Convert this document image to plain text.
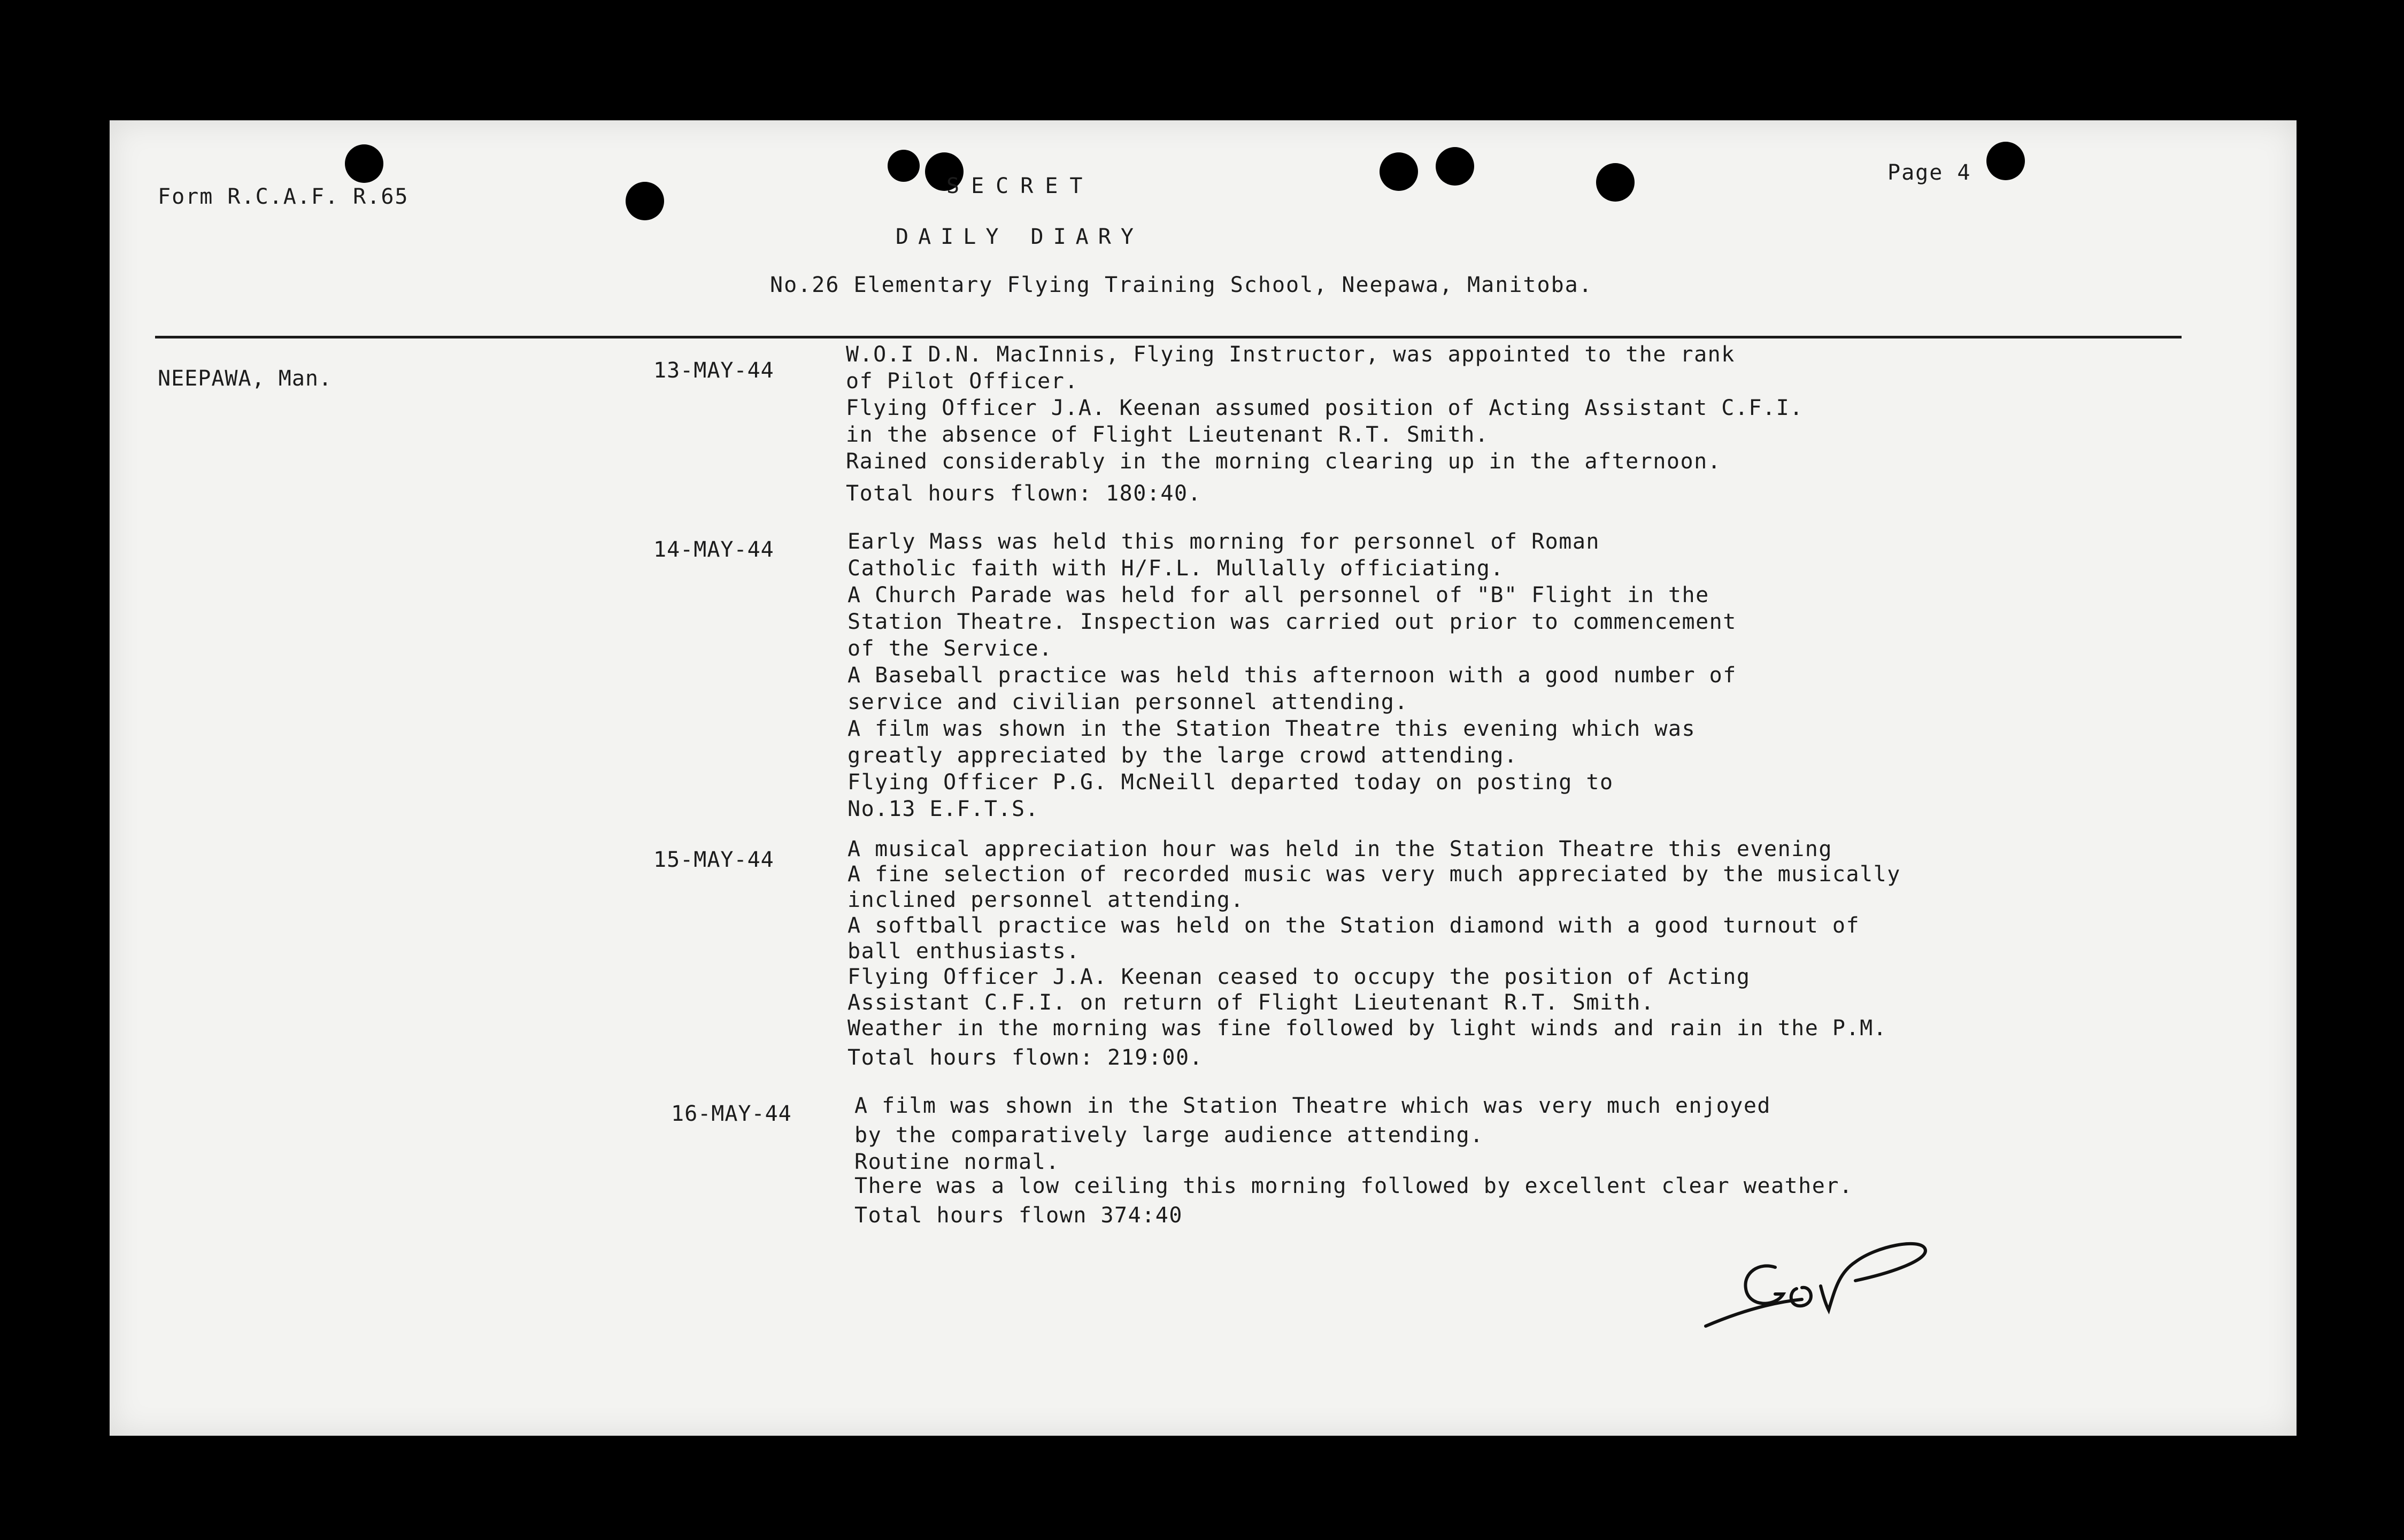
Form R.C.A.F. R.65	SECRET
Page 4
DAILY DIARY
No.26 Elementary Flying Training School, Neepawa, Manitoba.
NEEPAWA, Man.	13-MAY-44
W.O.I D.N. MacInnis, Flying Instructor, was appointed to the rank
of Pilot Officer.
Flying Officer J.A. Keenan assumed position of Acting Assistant C.F.I.
in the absence of Flight Lieutenant R.T. Smith.
Rained considerably in the morning clearing up in the afternoon.
Total hours flown: 180:40.
14-MAY-44	Early Mass was held this morning for personnel of Roman
Catholic faith with H/F.L. Mullally officiating.
A Church Parade was held for all personnel of "B" Flight in the
Station Theatre. Inspection was carried out prior to commencement
of the Service.
A Baseball practice was held this afternoon with a good number of
service and civilian personnel attending.
A film was shown in the Station Theatre this evening which was
greatly appreciated by the large crowd attending.
Flying Officer P.G. McNeill departed today on posting to
No.13 E.F.T.S.
15-MAY-44	A musical appreciation hour was held in the Station Theatre this evening
A fine selection of recorded music was very much appreciated by the musically
inclined personnel attending.
A softball practice was held on the Station diamond with a good turnout of
ball enthusiasts.
Flying Officer J.A. Keenan ceased to occupy the position of Acting
Assistant C.F.I. on return of Flight Lieutenant R.T. Smith.
Weather in the morning was fine followed by light winds and rain in the P.M.
Total hours flown: 219:00.
16-MAY-44	A film was shown in the Station Theatre which was very much enjoyed
by the comparatively large audience attending.
Routine normal.
There was a low ceiling this morning followed by excellent clear weather.
Total hours flown 374:40
